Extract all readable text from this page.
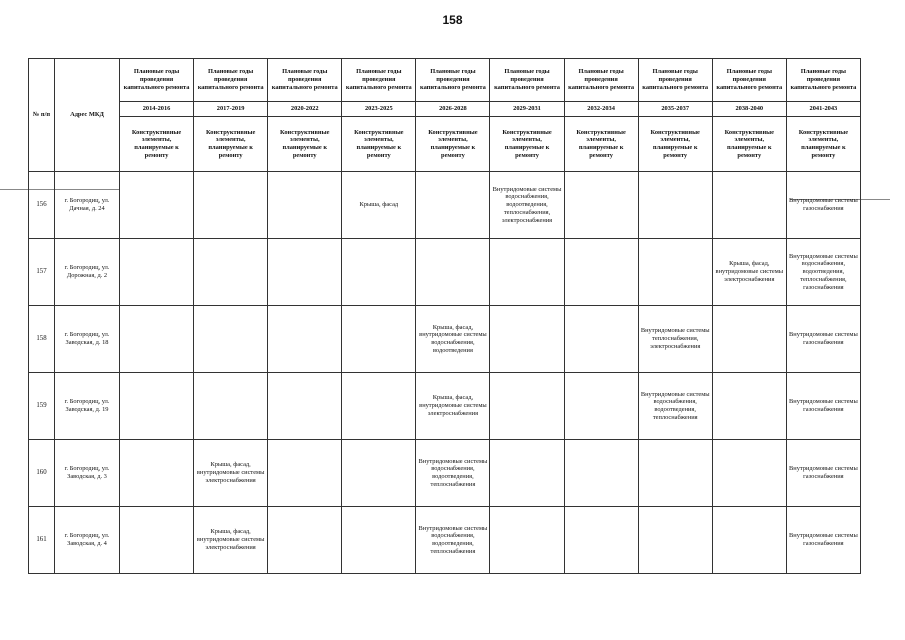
158
№ п/п	Адрес МКД	Плановые годы проведения капитального ремонта	Плановые годы проведения капитального ремонта	Плановые годы проведения капитального ремонта	Плановые годы проведения капитального ремонта	Плановые годы проведения капитального ремонта	Плановые годы проведения капитального ремонта	Плановые годы проведения капитального ремонта	Плановые годы проведения капитального ремонта	Плановые годы проведения капитального ремонта	Плановые годы проведения капитального ремонта
		2014-2016	2017-2019	2020-2022	2023-2025	2026-2028	2029-2031	2032-2034	2035-2037	2038-2040	2041-2043
		Конструктивные элементы, планируемые к ремонту	Конструктивные элементы, планируемые к ремонту	Конструктивные элементы, планируемые к ремонту	Конструктивные элементы, планируемые к ремонту	Конструктивные элементы, планируемые к ремонту	Конструктивные элементы, планируемые к ремонту	Конструктивные элементы, планируемые к ремонту	Конструктивные элементы, планируемые к ремонту	Конструктивные элементы, планируемые к ремонту	Конструктивные элементы, планируемые к ремонту
156	г. Богородиц, ул. Дачная, д. 24				Крыша, фасад		Внутридомовые системы водоснабжения, водоотведения, теплоснабжения, электроснабжения				Внутридомовые системы газоснабжения
157	г. Богородиц, ул. Дорожная, д. 2									Крыша, фасад, внутридомовые системы электроснабжения	Внутридомовые системы водоснабжения, водоотведения, теплоснабжения, газоснабжения
158	г. Богородиц, ул. Заводская, д. 18					Крыша, фасад, внутридомовые системы водоснабжения, водоотведения			Внутридомовые системы теплоснабжения, электроснабжения		Внутридомовые системы газоснабжения
159	г. Богородиц, ул. Заводская, д. 19					Крыша, фасад, внутридомовые системы электроснабжения			Внутридомовые системы водоснабжения, водоотведения, теплоснабжения		Внутридомовые системы газоснабжения
160	г. Богородиц, ул. Заводская, д. 3		Крыша, фасад, внутридомовые системы электроснабжения			Внутридомовые системы водоснабжения, водоотведения, теплоснабжения					Внутридомовые системы газоснабжения
161	г. Богородиц, ул. Заводская, д. 4		Крыша, фасад, внутридомовые системы электроснабжения			Внутридомовые системы водоснабжения, водоотведения, теплоснабжения					Внутридомовые системы газоснабжения
